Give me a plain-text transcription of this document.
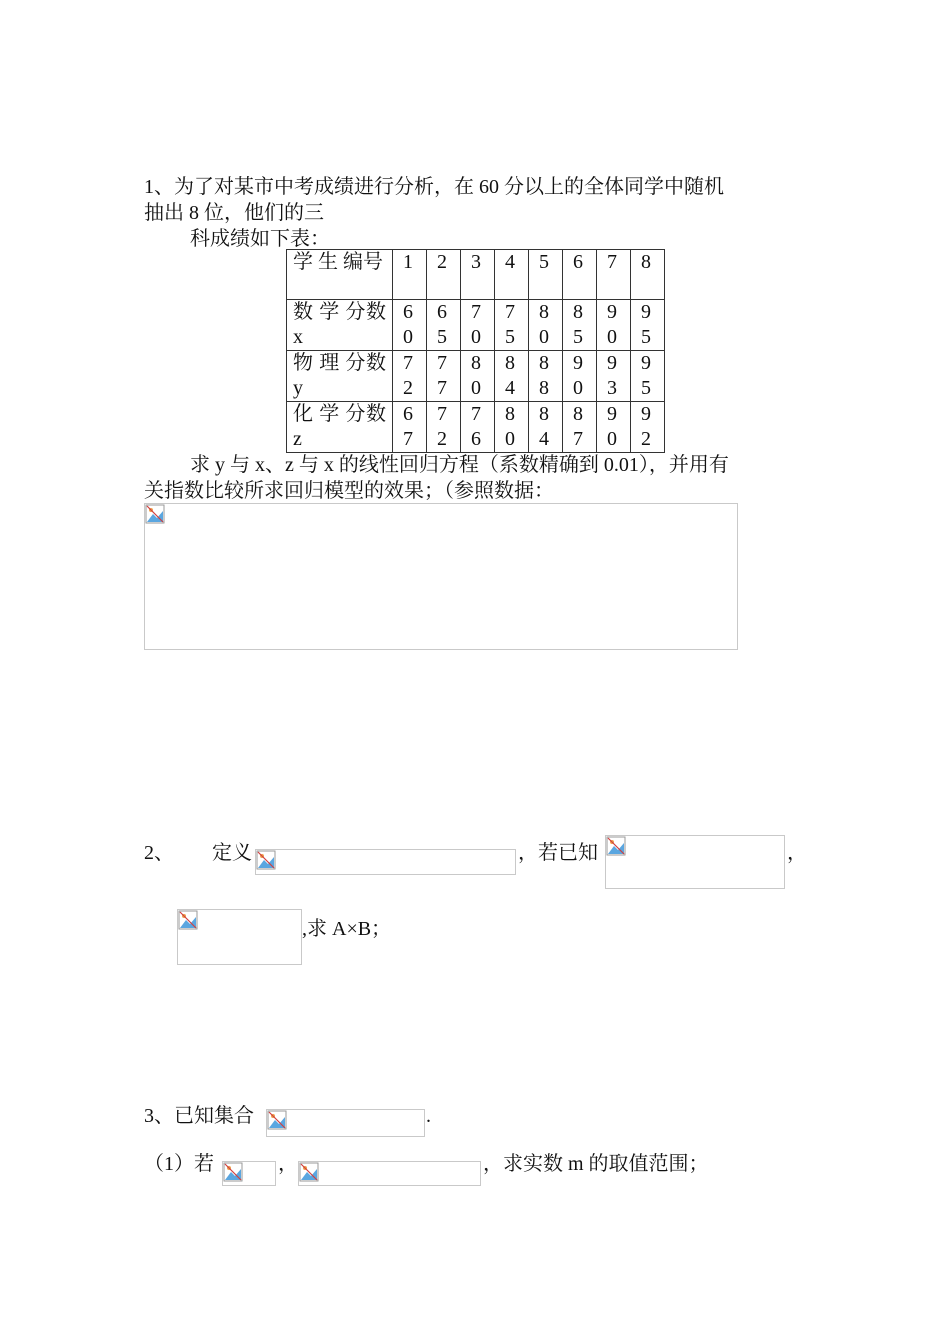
1、为了对某市中考成绩进行分析，在 60 分以上的全体同学中随机
抽出 8 位，他们的三
科成绩如下表：
学 生 编号	1	2	3	4	5	6	7	8
数 学 分数 x	60	65	70	75	80	85	90	95
物 理 分数 y	72	77	80	84	88	90	93	95
化 学 分数 z	67	72	76	80	84	87	90	92
求 y 与 x、z 与 x 的线性回归方程（系数精确到 0.01），并用有
关指数比较所求回归模型的效果；（参照数据：
2、 定义	，若已知	，
,求 A×B；
3、已知集合	.
（1）若	，	，求实数 m 的取值范围；
